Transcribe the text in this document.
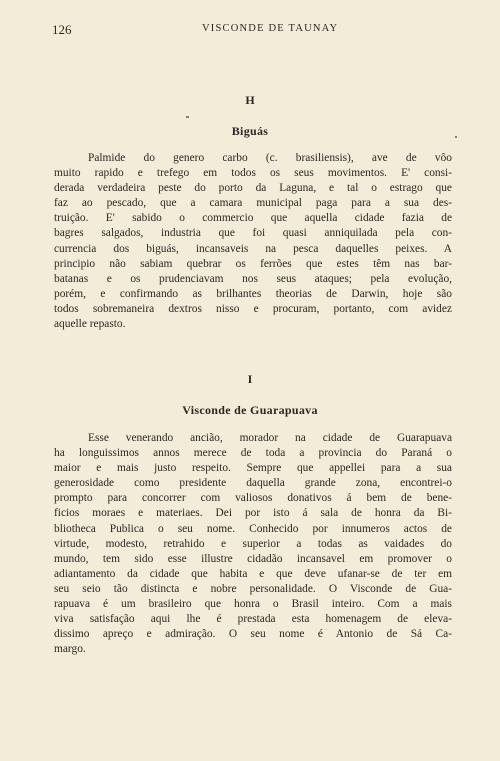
126	VISCONDE DE TAUNAY
H
Biguás
Palmide do genero carbo (c. brasiliensis), ave de vôo
muito rapido e trefego em todos os seus movimentos. E' consi-
derada verdadeira peste do porto da Laguna, e tal o estrago que
faz ao pescado, que a camara municipal paga para a sua des-
truição. E' sabido o commercio que aquella cidade fazia de
bagres salgados, industria que foi quasi anniquilada pela con-
currencia dos biguás, incansaveis na pesca daquelles peixes. A
principio não sabiam quebrar os ferrões que estes têm nas bar-
batanas e os prudenciavam nos seus ataques; pela evolução,
porém, e confirmando as brilhantes theorias de Darwin, hoje são
todos sobremaneira dextros nisso e procuram, portanto, com avidez
aquelle repasto.
I
Visconde de Guarapuava
Esse venerando ancião, morador na cidade de Guarapuava
ha longuissimos annos merece de toda a provincia do Paraná o
maior e mais justo respeito. Sempre que appellei para a sua
generosidade como presidente daquella grande zona, encontrei-o
prompto para concorrer com valiosos donativos á bem de bene-
ficios moraes e materiaes. Dei por isto á sala de honra da Bi-
bliotheca Publica o seu nome. Conhecido por innumeros actos de
virtude, modesto, retrahido e superior a todas as vaidades do
mundo, tem sido esse illustre cidadão incansavel em promover o
adiantamento da cidade que habita e que deve ufanar-se de ter em
seu seio tão distincta e nobre personalidade. O Visconde de Gua-
rapuava é um brasileiro que honra o Brasil inteiro. Com a mais
viva satisfação aqui lhe é prestada esta homenagem de eleva-
dissimo apreço e admiração. O seu nome é Antonio de Sá Ca-
margo.
